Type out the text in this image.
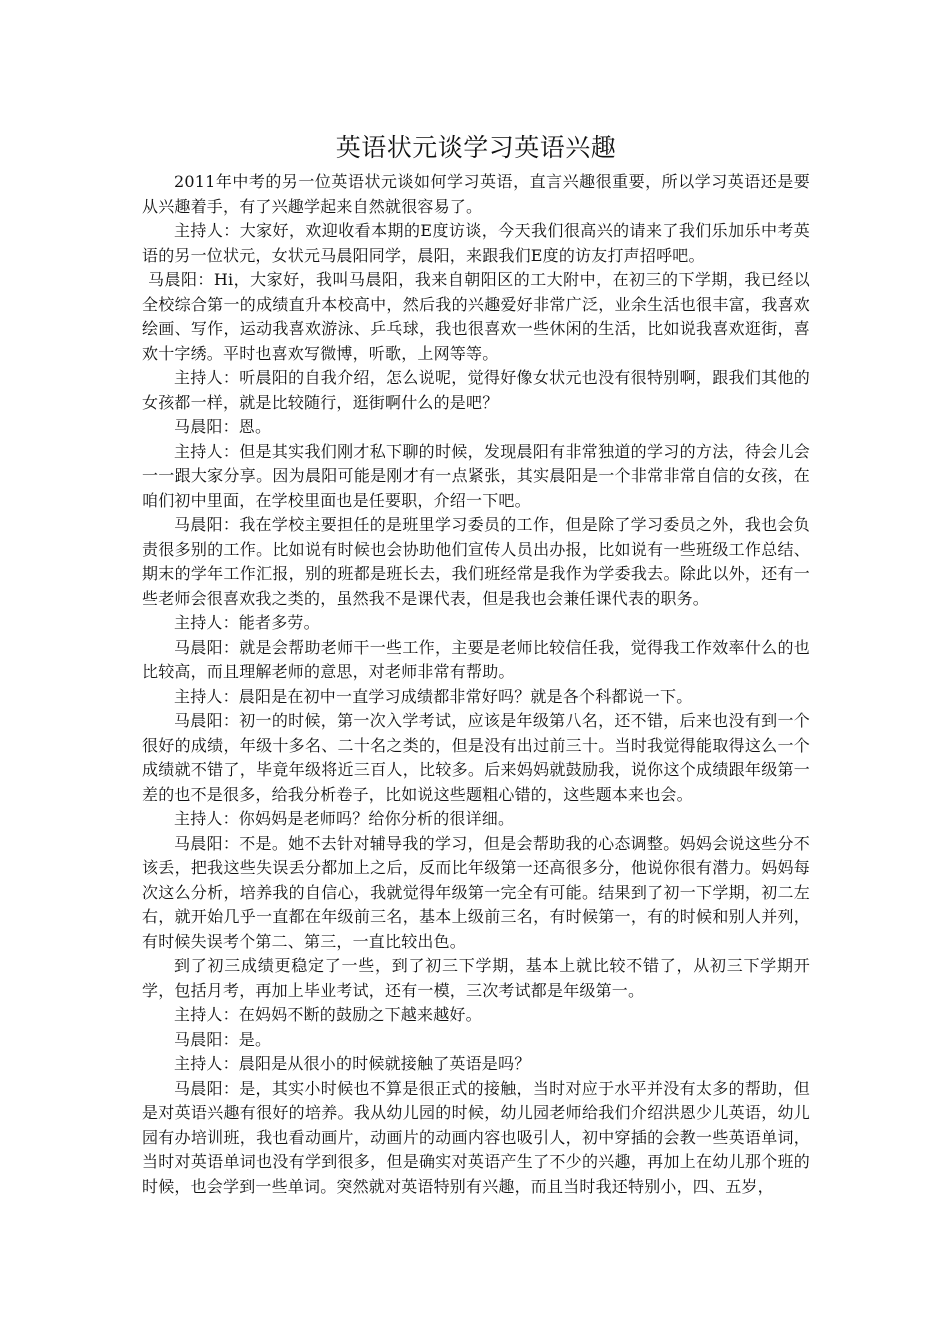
英语状元谈学习英语兴趣

2011年中考的另一位英语状元谈如何学习英语，直言兴趣很重要，所以学习英语还是要从兴趣着手，有了兴趣学起来自然就很容易了。

主持人：大家好，欢迎收看本期的E度访谈，今天我们很高兴的请来了我们乐加乐中考英语的另一位状元，女状元马晨阳同学，晨阳，来跟我们E度的访友打声招呼吧。

马晨阳：Hi，大家好，我叫马晨阳，我来自朝阳区的工大附中，在初三的下学期，我已经以全校综合第一的成绩直升本校高中，然后我的兴趣爱好非常广泛，业余生活也很丰富，我喜欢绘画、写作，运动我喜欢游泳、乒乓球，我也很喜欢一些休闲的生活，比如说我喜欢逛街，喜欢十字绣。平时也喜欢写微博，听歌，上网等等。

主持人：听晨阳的自我介绍，怎么说呢，觉得好像女状元也没有很特别啊，跟我们其他的女孩都一样，就是比较随行，逛街啊什么的是吧？

马晨阳：恩。

主持人：但是其实我们刚才私下聊的时候，发现晨阳有非常独道的学习的方法，待会儿会一一跟大家分享。因为晨阳可能是刚才有一点紧张，其实晨阳是一个非常非常自信的女孩，在咱们初中里面，在学校里面也是任要职，介绍一下吧。

马晨阳：我在学校主要担任的是班里学习委员的工作，但是除了学习委员之外，我也会负责很多别的工作。比如说有时候也会协助他们宣传人员出办报，比如说有一些班级工作总结、期末的学年工作汇报，别的班都是班长去，我们班经常是我作为学委我去。除此以外，还有一些老师会很喜欢我之类的，虽然我不是课代表，但是我也会兼任课代表的职务。

主持人：能者多劳。

马晨阳：就是会帮助老师干一些工作，主要是老师比较信任我，觉得我工作效率什么的也比较高，而且理解老师的意思，对老师非常有帮助。

主持人：晨阳是在初中一直学习成绩都非常好吗？就是各个科都说一下。

马晨阳：初一的时候，第一次入学考试，应该是年级第八名，还不错，后来也没有到一个很好的成绩，年级十多名、二十名之类的，但是没有出过前三十。当时我觉得能取得这么一个成绩就不错了，毕竟年级将近三百人，比较多。后来妈妈就鼓励我，说你这个成绩跟年级第一差的也不是很多，给我分析卷子，比如说这些题粗心错的，这些题本来也会。

主持人：你妈妈是老师吗？给你分析的很详细。

马晨阳：不是。她不去针对辅导我的学习，但是会帮助我的心态调整。妈妈会说这些分不该丢，把我这些失误丢分都加上之后，反而比年级第一还高很多分，他说你很有潜力。妈妈每次这么分析，培养我的自信心，我就觉得年级第一完全有可能。结果到了初一下学期，初二左右，就开始几乎一直都在年级前三名，基本上级前三名，有时候第一，有的时候和别人并列，有时候失误考个第二、第三，一直比较出色。

到了初三成绩更稳定了一些，到了初三下学期，基本上就比较不错了，从初三下学期开学，包括月考，再加上毕业考试，还有一模，三次考试都是年级第一。

主持人：在妈妈不断的鼓励之下越来越好。

马晨阳：是。

主持人：晨阳是从很小的时候就接触了英语是吗？

马晨阳：是，其实小时候也不算是很正式的接触，当时对应于水平并没有太多的帮助，但是对英语兴趣有很好的培养。我从幼儿园的时候，幼儿园老师给我们介绍洪恩少儿英语，幼儿园有办培训班，我也看动画片，动画片的动画内容也吸引人，初中穿插的会教一些英语单词，当时对英语单词也没有学到很多，但是确实对英语产生了不少的兴趣，再加上在幼儿那个班的时候，也会学到一些单词。突然就对英语特别有兴趣，而且当时我还特别小，四、五岁，
